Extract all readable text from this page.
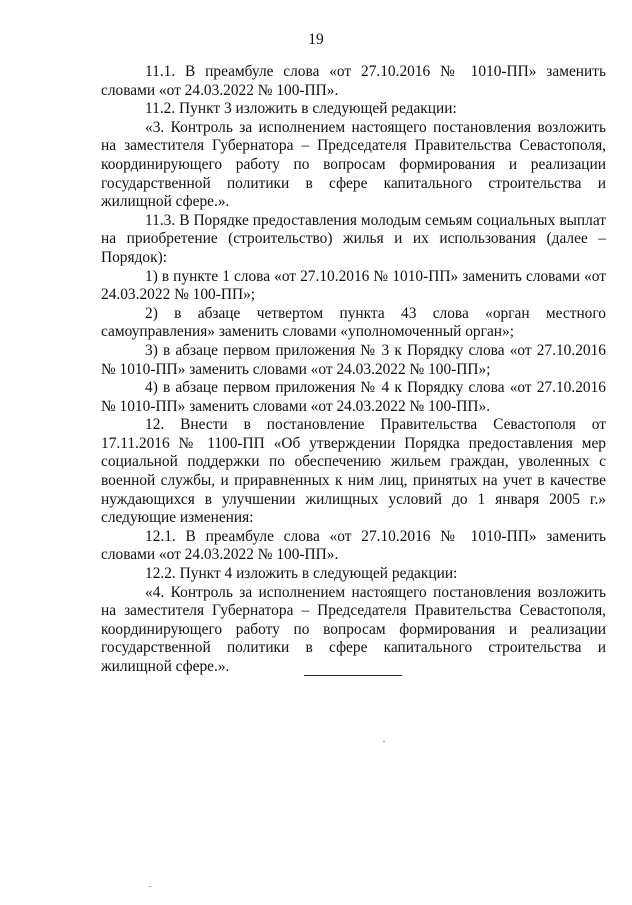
19

11.1. В преамбуле слова «от 27.10.2016 № 1010-ПП» заменить словами «от 24.03.2022 № 100-ПП».

11.2. Пункт 3 изложить в следующей редакции:

«3. Контроль за исполнением настоящего постановления возложить на заместителя Губернатора – Председателя Правительства Севастополя, координирующего работу по вопросам формирования и реализации государственной политики в сфере капитального строительства и жилищной сфере.».

11.3. В Порядке предоставления молодым семьям социальных выплат на приобретение (строительство) жилья и их использования (далее – Порядок):

1) в пункте 1 слова «от 27.10.2016 № 1010-ПП» заменить словами «от 24.03.2022 № 100-ПП»;

2) в абзаце четвертом пункта 43 слова «орган местного самоуправления» заменить словами «уполномоченный орган»;

3) в абзаце первом приложения № 3 к Порядку слова «от 27.10.2016 № 1010-ПП» заменить словами «от 24.03.2022 № 100-ПП»;

4) в абзаце первом приложения № 4 к Порядку слова «от 27.10.2016 № 1010-ПП» заменить словами «от 24.03.2022 № 100-ПП».

12. Внести в постановление Правительства Севастополя от 17.11.2016 № 1100-ПП «Об утверждении Порядка предоставления мер социальной поддержки по обеспечению жильем граждан, уволенных с военной службы, и приравненных к ним лиц, принятых на учет в качестве нуждающихся в улучшении жилищных условий до 1 января 2005 г.» следующие изменения:

12.1. В преамбуле слова «от 27.10.2016 № 1010-ПП» заменить словами «от 24.03.2022 № 100-ПП».

12.2. Пункт 4 изложить в следующей редакции:

«4. Контроль за исполнением настоящего постановления возложить на заместителя Губернатора – Председателя Правительства Севастополя, координирующего работу по вопросам формирования и реализации государственной политики в сфере капитального строительства и жилищной сфере.».
